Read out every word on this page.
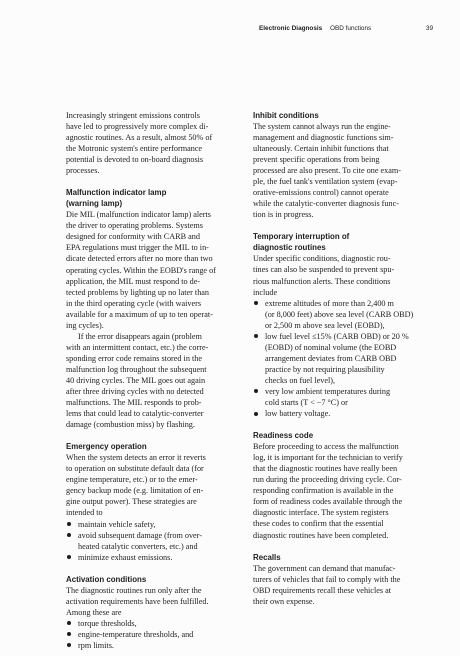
Electronic Diagnosis OBD functions	39

Increasingly stringent emissions controls
have led to progressively more complex di-
agnostic routines. As a result, almost 50% of
the Motronic system's entire performance
potential is devoted to on-board diagnosis
processes.

Malfunction indicator lamp
(warning lamp)

Die MIL (malfunction indicator lamp) alerts
the driver to operating problems. Systems
designed for conformity with CARB and
EPA regulations must trigger the MIL to in-
dicate detected errors after no more than two
operating cycles. Within the EOBD's range of
application, the MIL must respond to de-
tected problems by lighting up no later than
in the third operating cycle (with waivers
available for a maximum of up to ten operat-
ing cycles).

If the error disappears again (problem
with an intermittent contact, etc.) the corre-
sponding error code remains stored in the
malfunction log throughout the subsequent
40 driving cycles. The MIL goes out again
after three driving cycles with no detected
malfunctions. The MIL responds to prob-
lems that could lead to catalytic-converter
damage (combustion miss) by flashing.

Emergency operation

When the system detects an error it reverts
to operation on substitute default data (for
engine temperature, etc.) or to the emer-
gency backup mode (e.g. limitation of en-
gine output power). These strategies are
intended to

maintain vehicle safety,
avoid subsequent damage (from over-
heated catalytic converters, etc.) and
minimize exhaust emissions.

Activation conditions

The diagnostic routines run only after the
activation requirements have been fulfilled.
Among these are

torque thresholds,
engine-temperature thresholds, and
rpm limits.

Inhibit conditions

The system cannot always run the engine-
management and diagnostic functions sim-
ultaneously. Certain inhibit functions that
prevent specific operations from being
processed are also present. To cite one exam-
ple, the fuel tank's ventilation system (evap-
orative-emissions control) cannot operate
while the catalytic-converter diagnosis func-
tion is in progress.

Temporary interruption of
diagnostic routines

Under specific conditions, diagnostic rou-
tines can also be suspended to prevent spu-
rious malfunction alerts. These conditions
include

extreme altitudes of more than 2,400 m
(or 8,000 feet) above sea level (CARB OBD)
or 2,500 m above sea level (EOBD),
low fuel level ≤15% (CARB OBD) or 20 %
(EOBD) of nominal volume (the EOBD
arrangement deviates from CARB OBD
practice by not requiring plausibility
checks on fuel level),
very low ambient temperatures during
cold starts (T < −7 °C) or
low battery voltage.

Readiness code

Before proceeding to access the malfunction
log, it is important for the technician to verify
that the diagnostic routines have really been
run during the proceeding driving cycle. Cor-
responding confirmation is available in the
form of readiness codes available through the
diagnostic interface. The system registers
these codes to confirm that the essential
diagnostic routines have been completed.

Recalls

The government can demand that manufac-
turers of vehicles that fail to comply with the
OBD requirements recall these vehicles at
their own expense.
